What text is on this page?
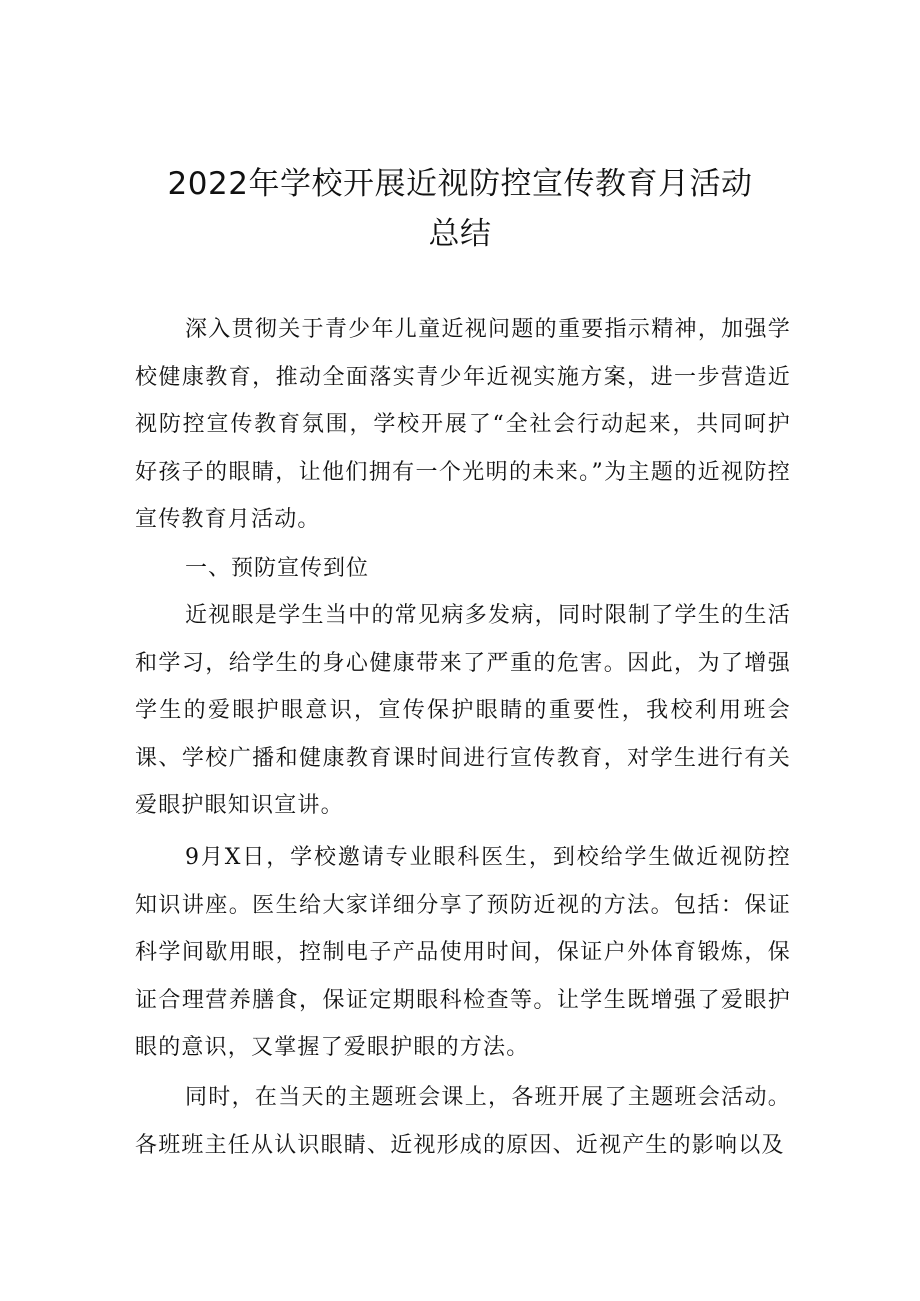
2022年学校开展近视防控宣传教育月活动
总结

深入贯彻关于青少年儿童近视问题的重要指示精神，加强学校健康教育，推动全面落实青少年近视实施方案，进一步营造近视防控宣传教育氛围，学校开展了“全社会行动起来，共同呵护好孩子的眼睛，让他们拥有一个光明的未来。”为主题的近视防控宣传教育月活动。

一、预防宣传到位

近视眼是学生当中的常见病多发病，同时限制了学生的生活和学习，给学生的身心健康带来了严重的危害。因此，为了增强学生的爱眼护眼意识，宣传保护眼睛的重要性，我校利用班会课、学校广播和健康教育课时间进行宣传教育，对学生进行有关爱眼护眼知识宣讲。

9月X日，学校邀请专业眼科医生，到校给学生做近视防控知识讲座。医生给大家详细分享了预防近视的方法。包括：保证科学间歇用眼，控制电子产品使用时间，保证户外体育锻炼，保证合理营养膳食，保证定期眼科检查等。让学生既增强了爱眼护眼的意识，又掌握了爱眼护眼的方法。

同时，在当天的主题班会课上，各班开展了主题班会活动。各班班主任从认识眼睛、近视形成的原因、近视产生的影响以及
